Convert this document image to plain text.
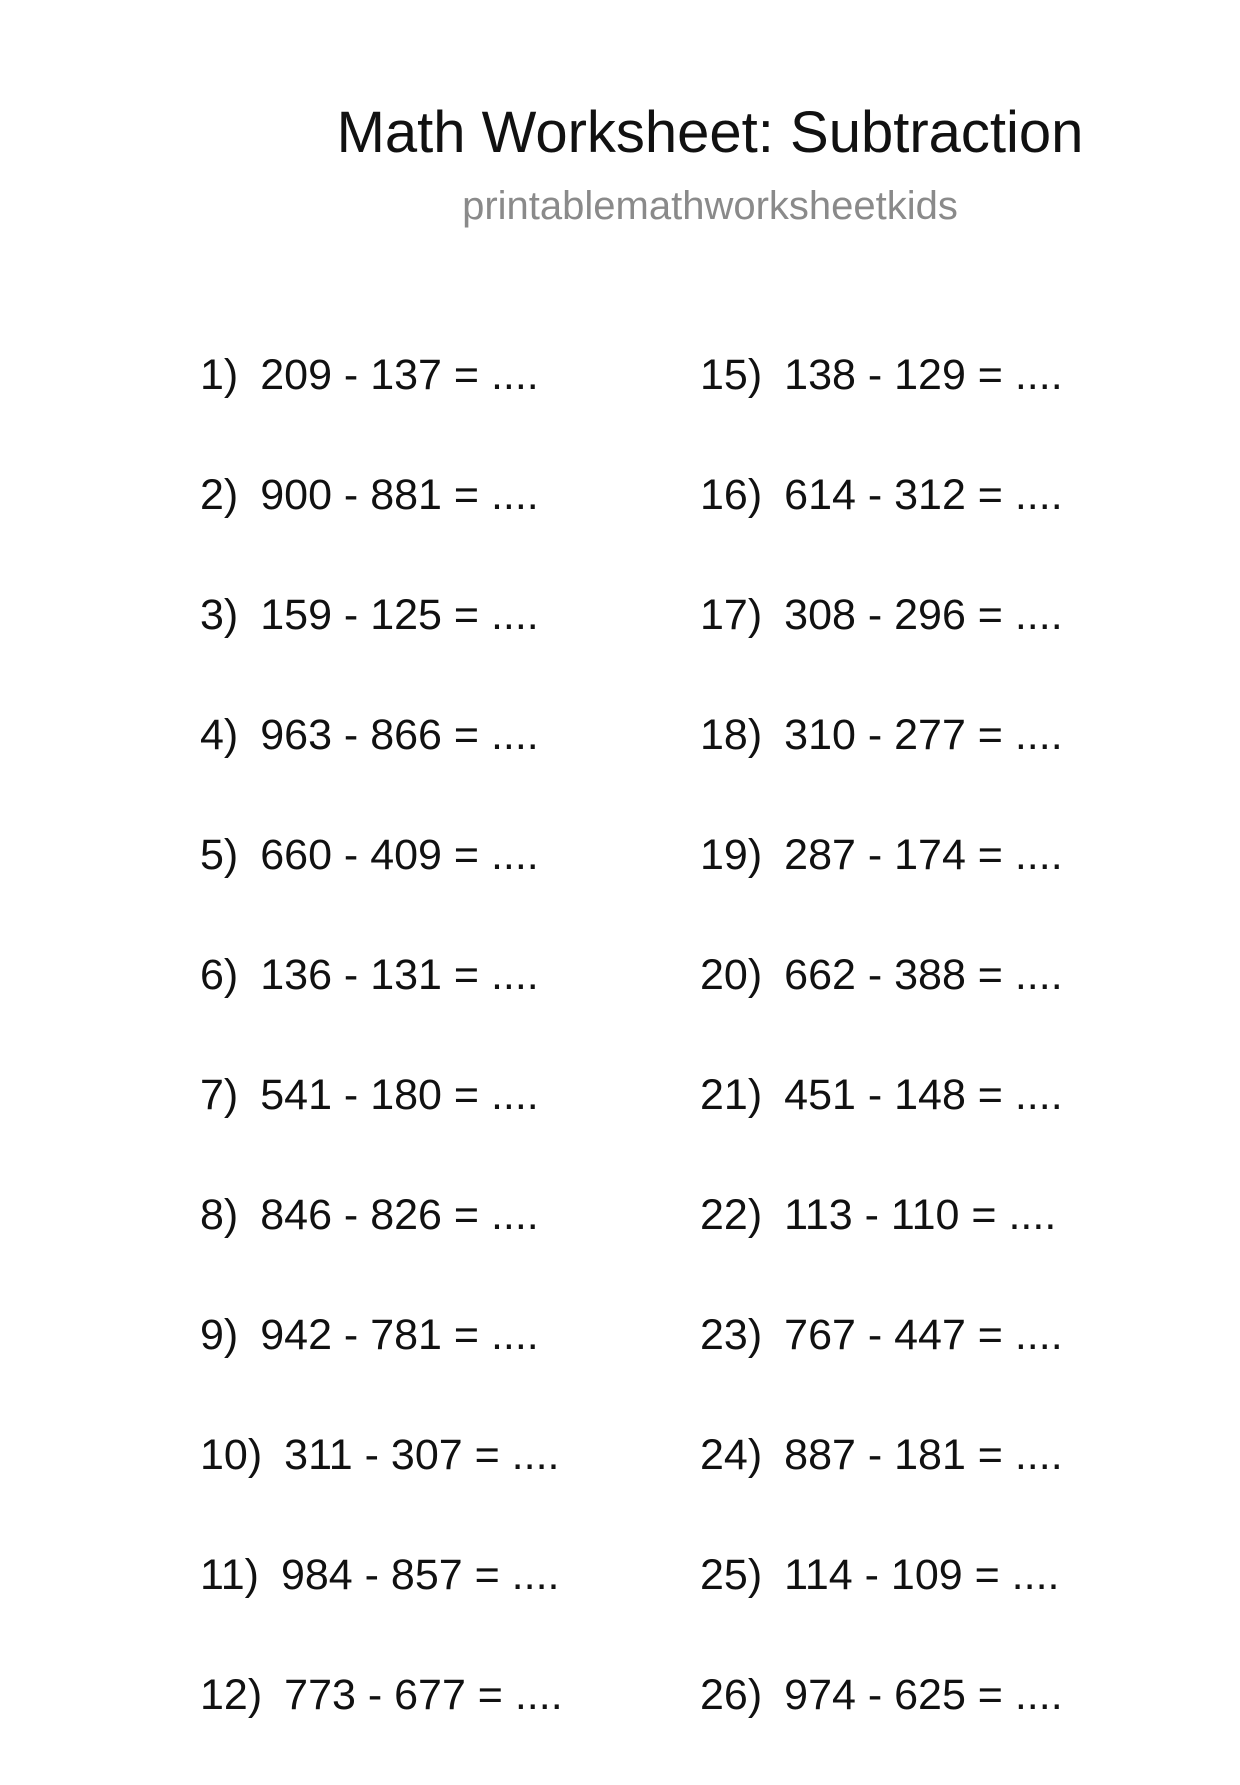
Math Worksheet: Subtraction
printablemathworksheetkids
1) 209 - 137 = ....
2) 900 - 881 = ....
3) 159 - 125 = ....
4) 963 - 866 = ....
5) 660 - 409 = ....
6) 136 - 131 = ....
7) 541 - 180 = ....
8) 846 - 826 = ....
9) 942 - 781 = ....
10) 311 - 307 = ....
11) 984 - 857 = ....
12) 773 - 677 = ....
15) 138 - 129 = ....
16) 614 - 312 = ....
17) 308 - 296 = ....
18) 310 - 277 = ....
19) 287 - 174 = ....
20) 662 - 388 = ....
21) 451 - 148 = ....
22) 113 - 110 = ....
23) 767 - 447 = ....
24) 887 - 181 = ....
25) 114 - 109 = ....
26) 974 - 625 = ....
